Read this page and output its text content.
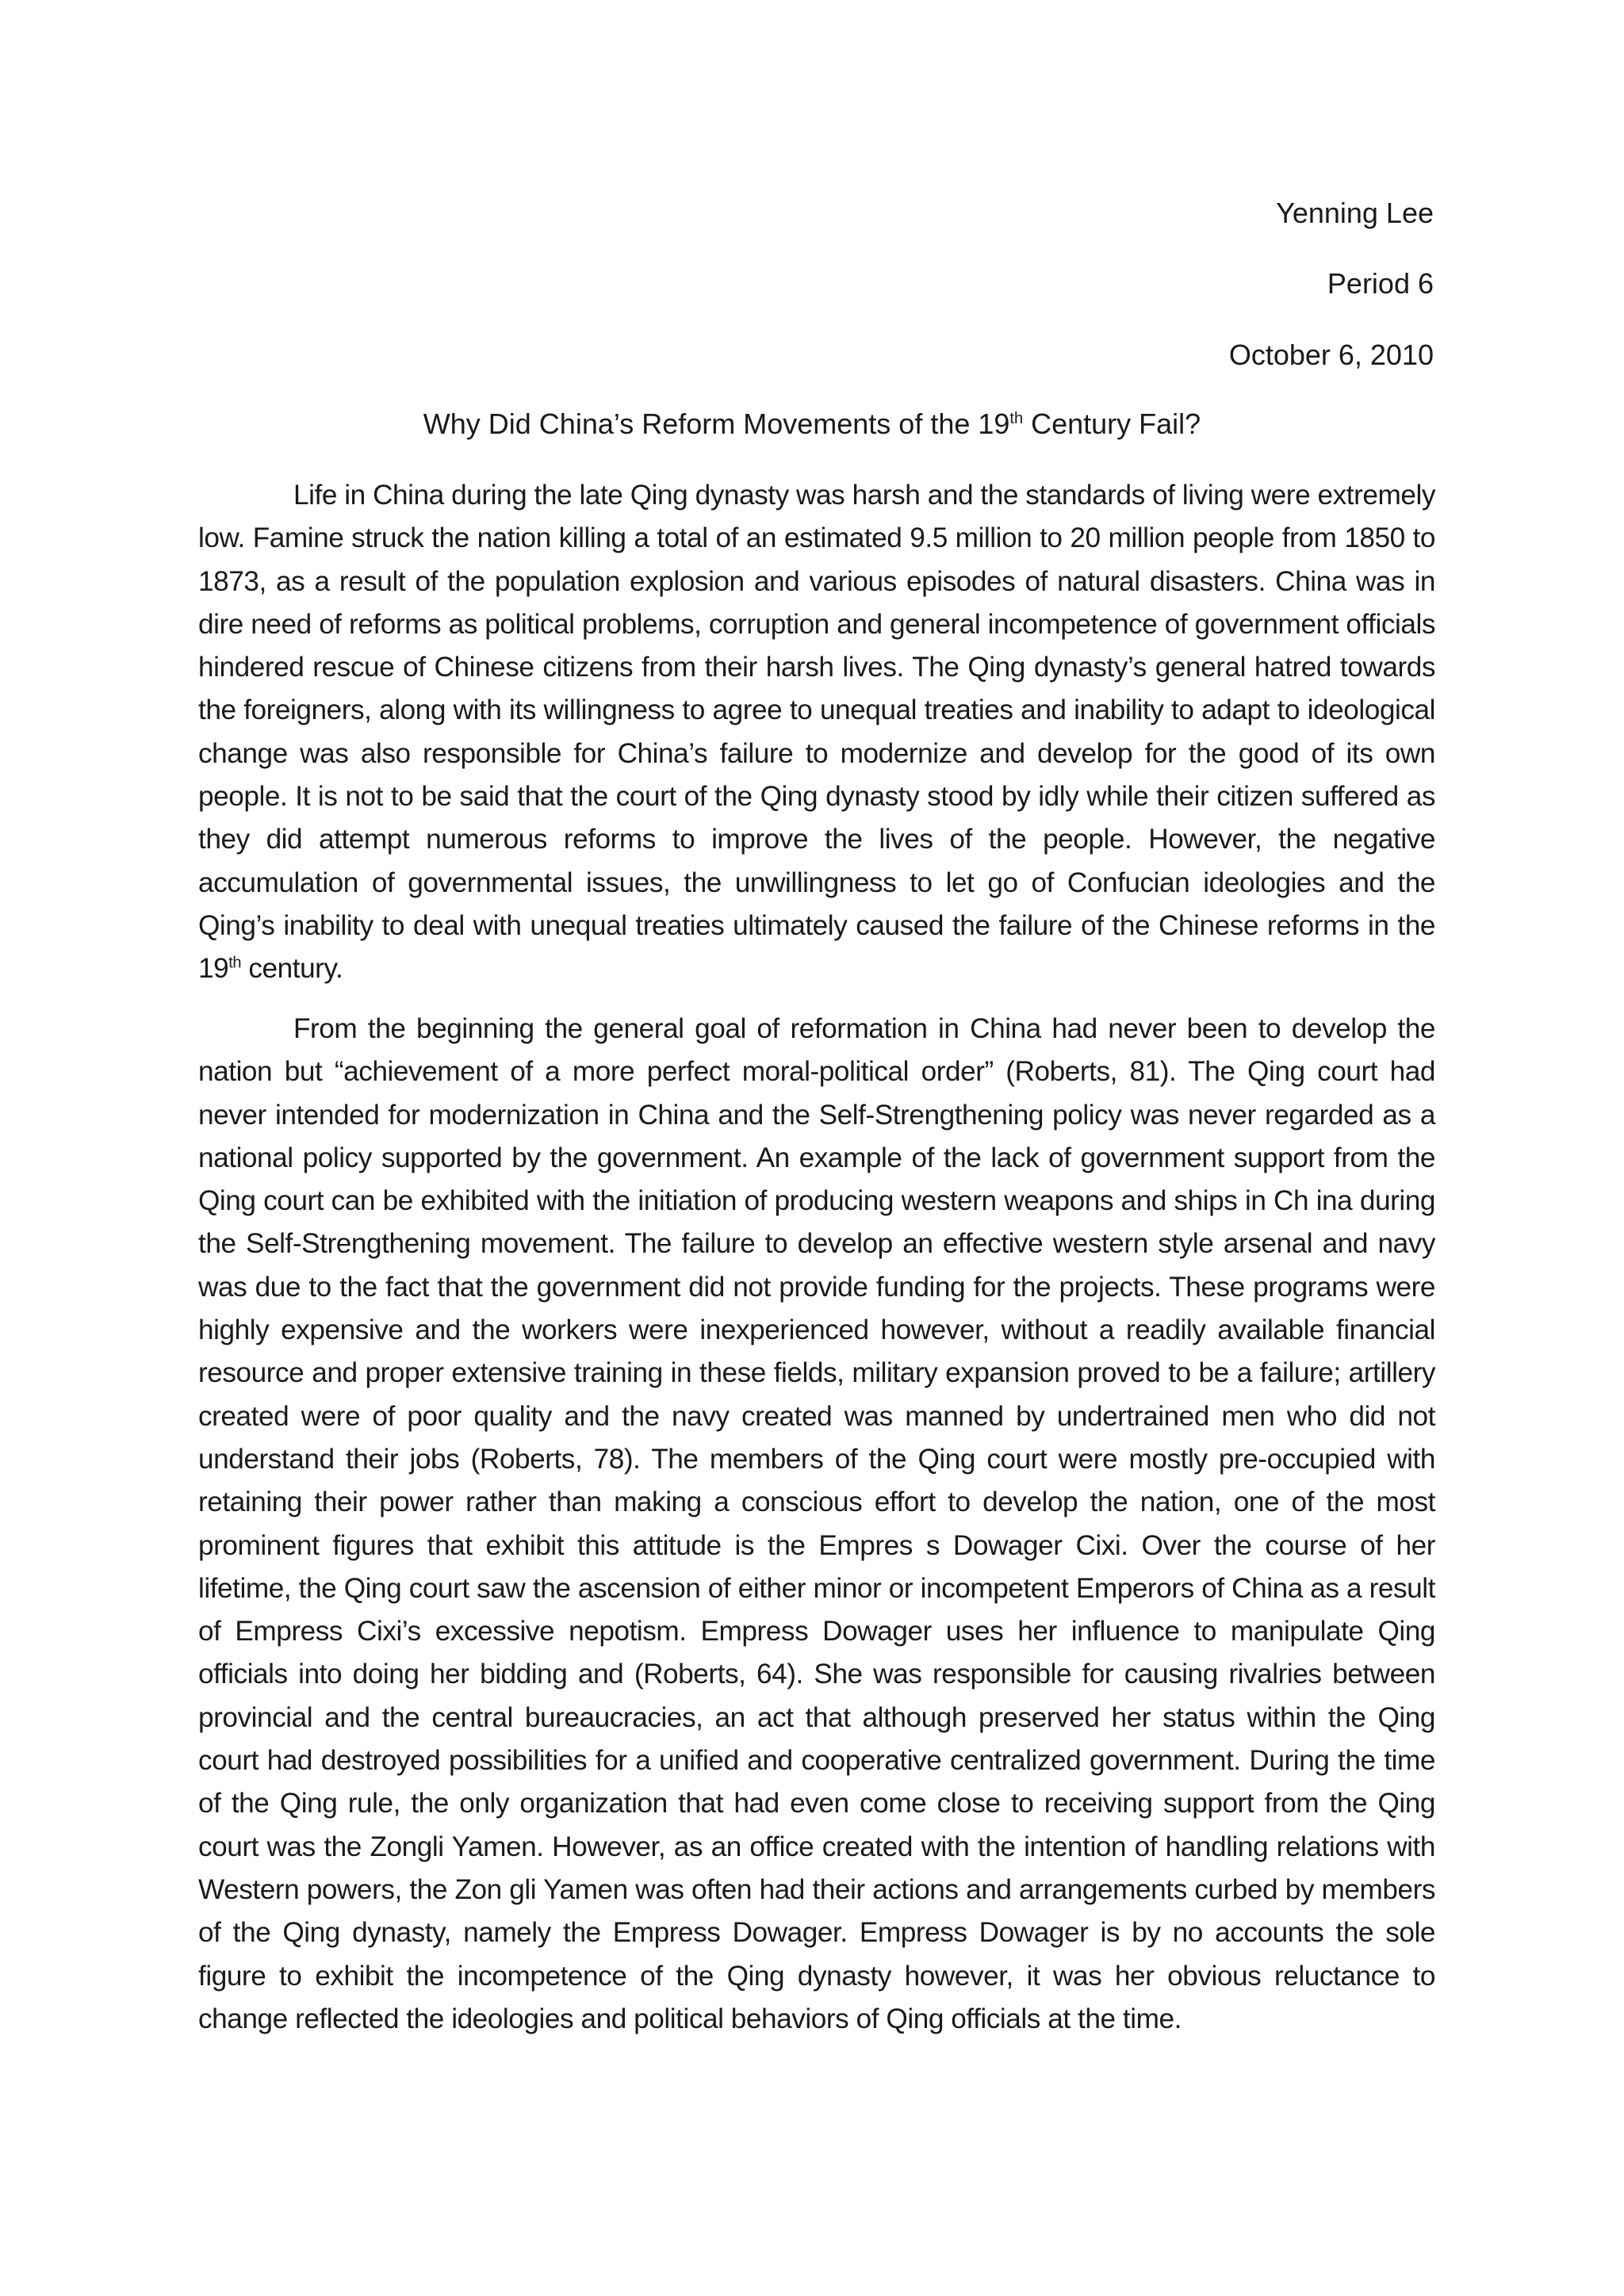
Yenning Lee
Period 6
October 6, 2010
Why Did China’s Reform Movements of the 19th Century Fail?

Life in China during the late Qing dynasty was harsh and the standards of living were extremely low. Famine struck the nation killing a total of an estimated 9.5 million to 20 million people from 1850 to 1873, as a result of the population explosion and various episodes of natural disasters. China was in dire need of reforms as political problems, corruption and general incompetence of government officials hindered rescue of Chinese citizens from their harsh lives. The Qing dynasty’s general hatred towards the foreigners, along with its willingness to agree to unequal treaties and inability to adapt to ideological change was also responsible for China’s failure to modernize and develop for the good of its own people. It is not to be said that the court of the Qing dynasty stood by idly while their citizen suffered as they did attempt numerous reforms to improve the lives of the people. However, the negative accumulation of governmental issues, the unwillingness to let go of Confucian ideologies and the Qing’s inability to deal with unequal treaties ultimately caused the failure of the Chinese reforms in the 19th century.

From the beginning the general goal of reformation in China had never been to develop the nation but “achievement of a more perfect moral-political order” (Roberts, 81). The Qing court had never intended for modernization in China and the Self-Strengthening policy was never regarded as a national policy supported by the government. An example of the lack of government support from the Qing court can be exhibited with the initiation of producing western weapons and ships in Ch ina during the Self-Strengthening movement. The failure to develop an effective western style arsenal and navy was due to the fact that the government did not provide funding for the projects. These programs were highly expensive and the workers were inexperienced however, without a readily available financial resource and proper extensive training in these fields, military expansion proved to be a failure; artillery created were of poor quality and the navy created was manned by undertrained men who did not understand their jobs (Roberts, 78). The members of the Qing court were mostly pre-occupied with retaining their power rather than making a conscious effort to develop the nation, one of the most prominent figures that exhibit this attitude is the Empres s Dowager Cixi. Over the course of her lifetime, the Qing court saw the ascension of either minor or incompetent Emperors of China as a result of Empress Cixi’s excessive nepotism. Empress Dowager uses her influence to manipulate Qing officials into doing her bidding and (Roberts, 64). She was responsible for causing rivalries between provincial and the central bureaucracies, an act that although preserved her status within the Qing court had destroyed possibilities for a unified and cooperative centralized government. During the time of the Qing rule, the only organization that had even come close to receiving support from the Qing court was the Zongli Yamen. However, as an office created with the intention of handling relations with Western powers, the Zon gli Yamen was often had their actions and arrangements curbed by members of the Qing dynasty, namely the Empress Dowager. Empress Dowager is by no accounts the sole figure to exhibit the incompetence of the Qing dynasty however, it was her obvious reluctance to change reflected the ideologies and political behaviors of Qing officials at the time.
